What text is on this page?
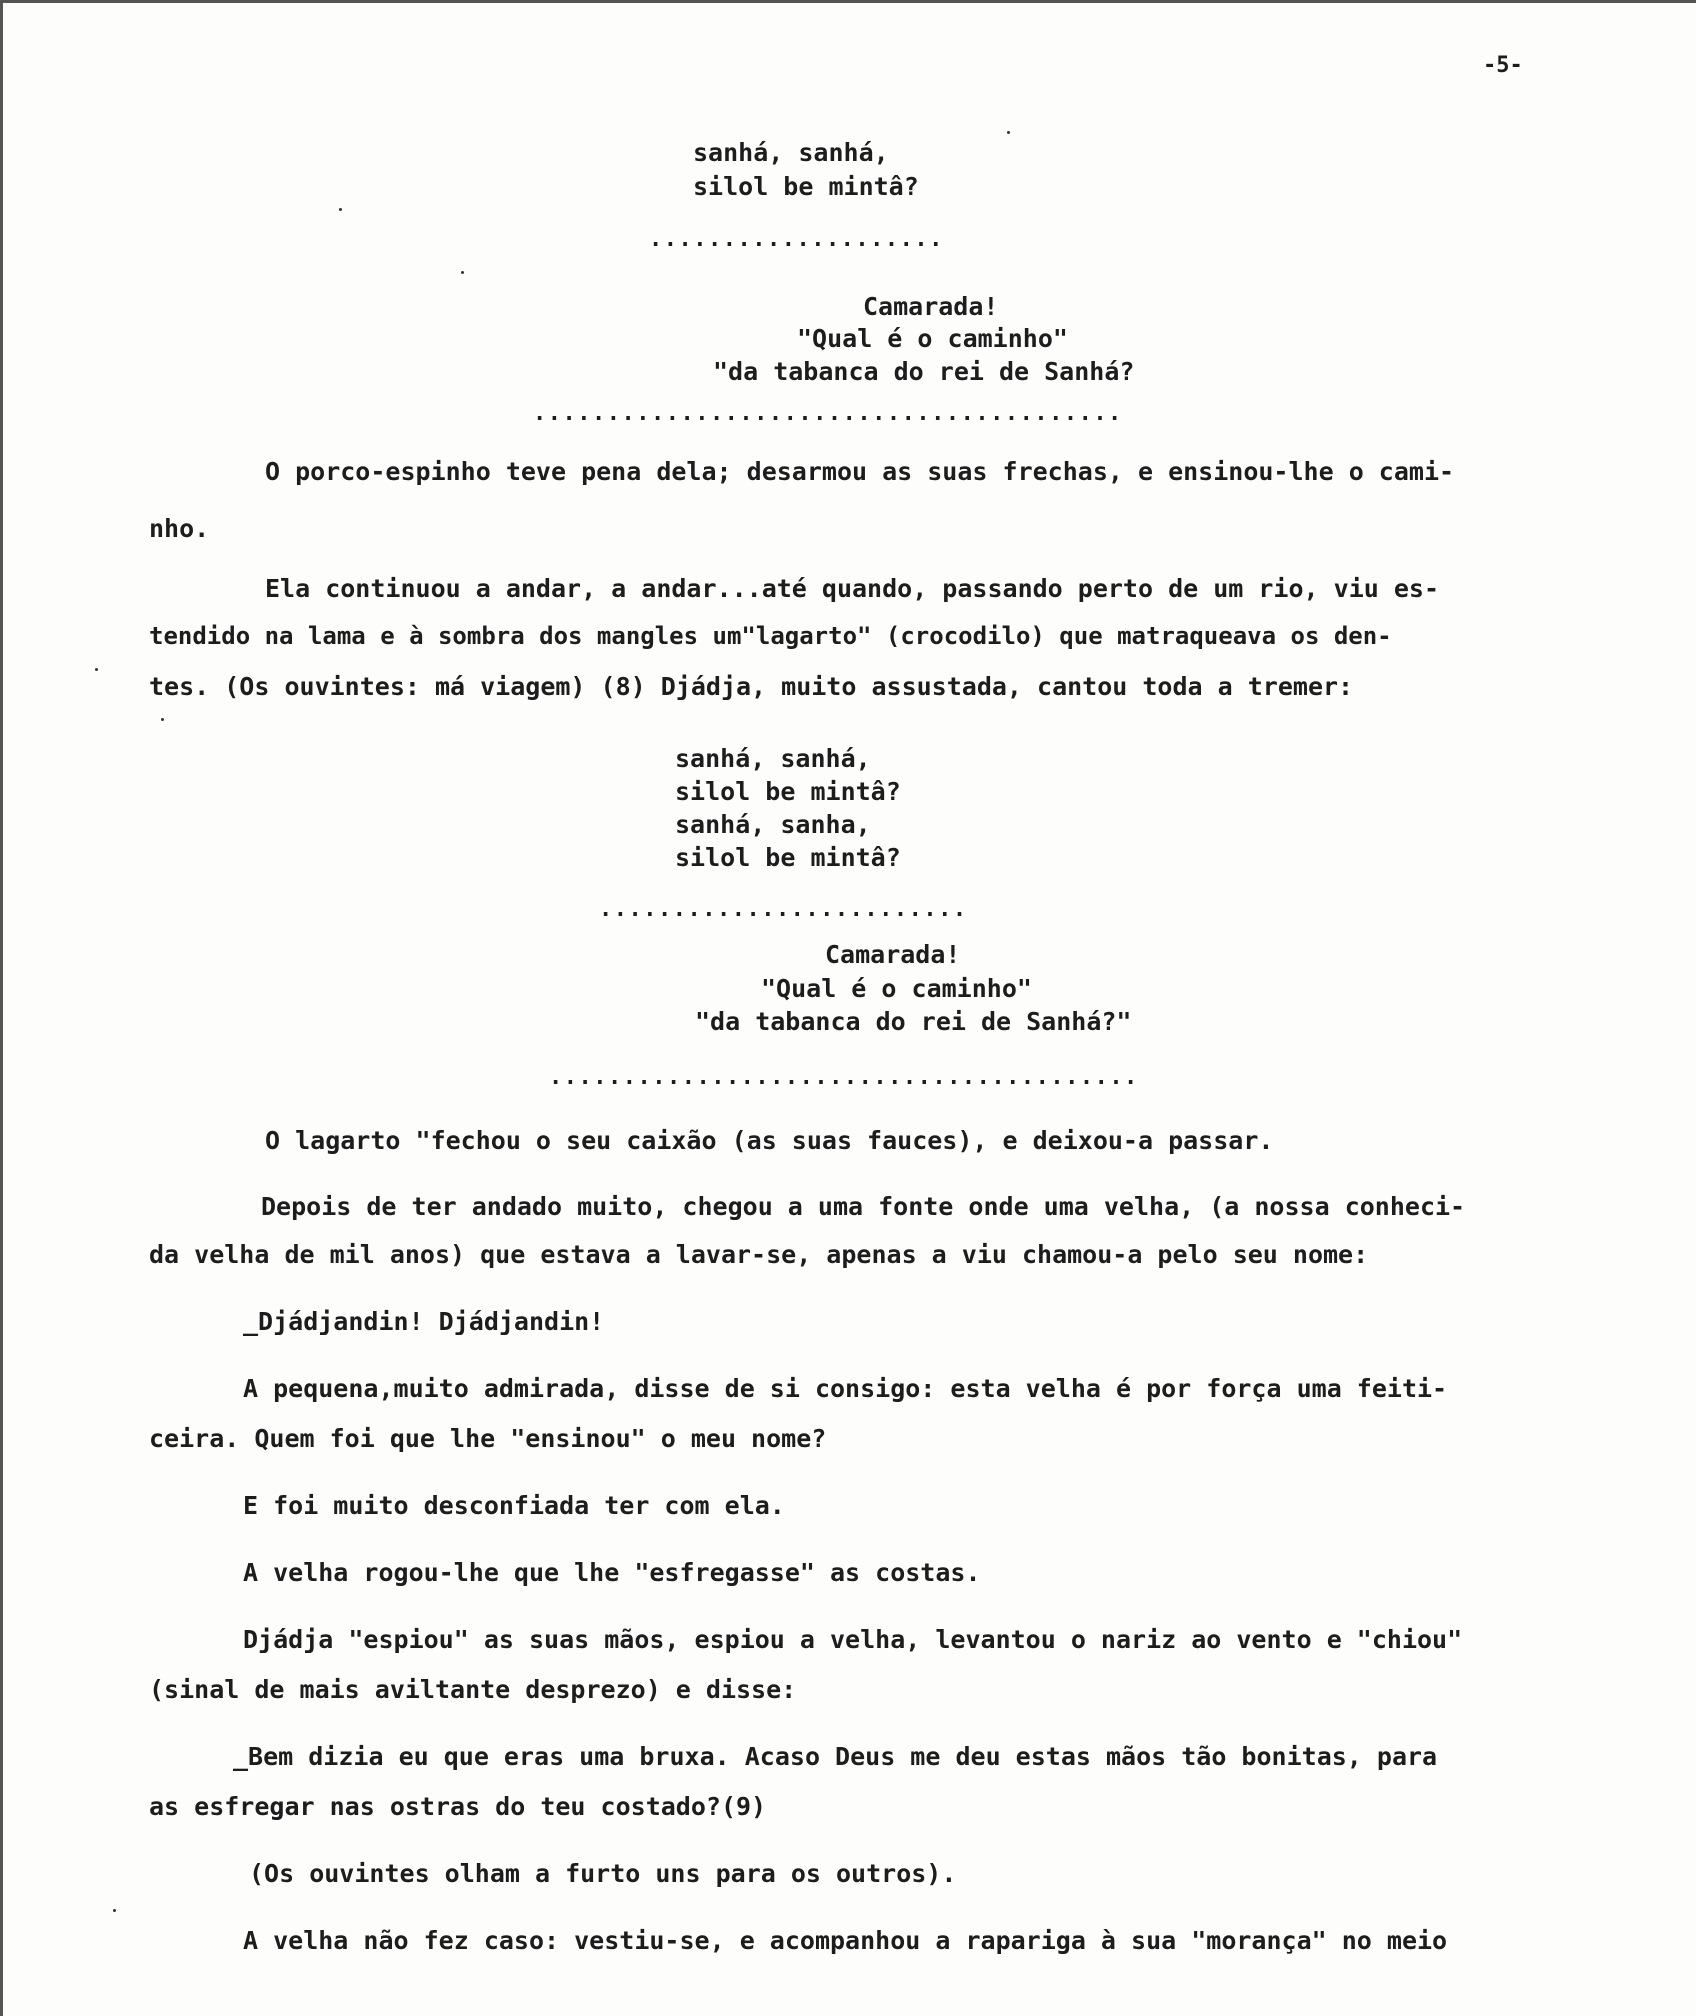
-5-
sanhá, sanhá,
silol be mintâ?
....................
Camarada!
"Qual é o caminho"
"da tabanca do rei de Sanhá?
........................................
O porco-espinho teve pena dela; desarmou as suas frechas, e ensinou-lhe o cami-
nho.
Ela continuou a andar, a andar...até quando, passando perto de um rio, viu es-
tendido na lama e à sombra dos mangles um"lagarto" (crocodilo) que matraqueava os den-
tes. (Os ouvintes: má viagem) (8) Djádja, muito assustada, cantou toda a tremer:
sanhá, sanhá,
silol be mintâ?
sanhá, sanha,
silol be mintâ?
.........................
Camarada!
"Qual é o caminho"
"da tabanca do rei de Sanhá?"
........................................
O lagarto "fechou o seu caixão (as suas fauces), e deixou-a passar.
Depois de ter andado muito, chegou a uma fonte onde uma velha, (a nossa conheci-
da velha de mil anos) que estava a lavar-se, apenas a viu chamou-a pelo seu nome:
_Djádjandin! Djádjandin!
A pequena,muito admirada, disse de si consigo: esta velha é por força uma feiti-
ceira. Quem foi que lhe "ensinou" o meu nome?
E foi muito desconfiada ter com ela.
A velha rogou-lhe que lhe "esfregasse" as costas.
Djádja "espiou" as suas mãos, espiou a velha, levantou o nariz ao vento e "chiou"
(sinal de mais aviltante desprezo) e disse:
_Bem dizia eu que eras uma bruxa. Acaso Deus me deu estas mãos tão bonitas, para
as esfregar nas ostras do teu costado?(9)
(Os ouvintes olham a furto uns para os outros).
A velha não fez caso: vestiu-se, e acompanhou a rapariga à sua "morança" no meio
